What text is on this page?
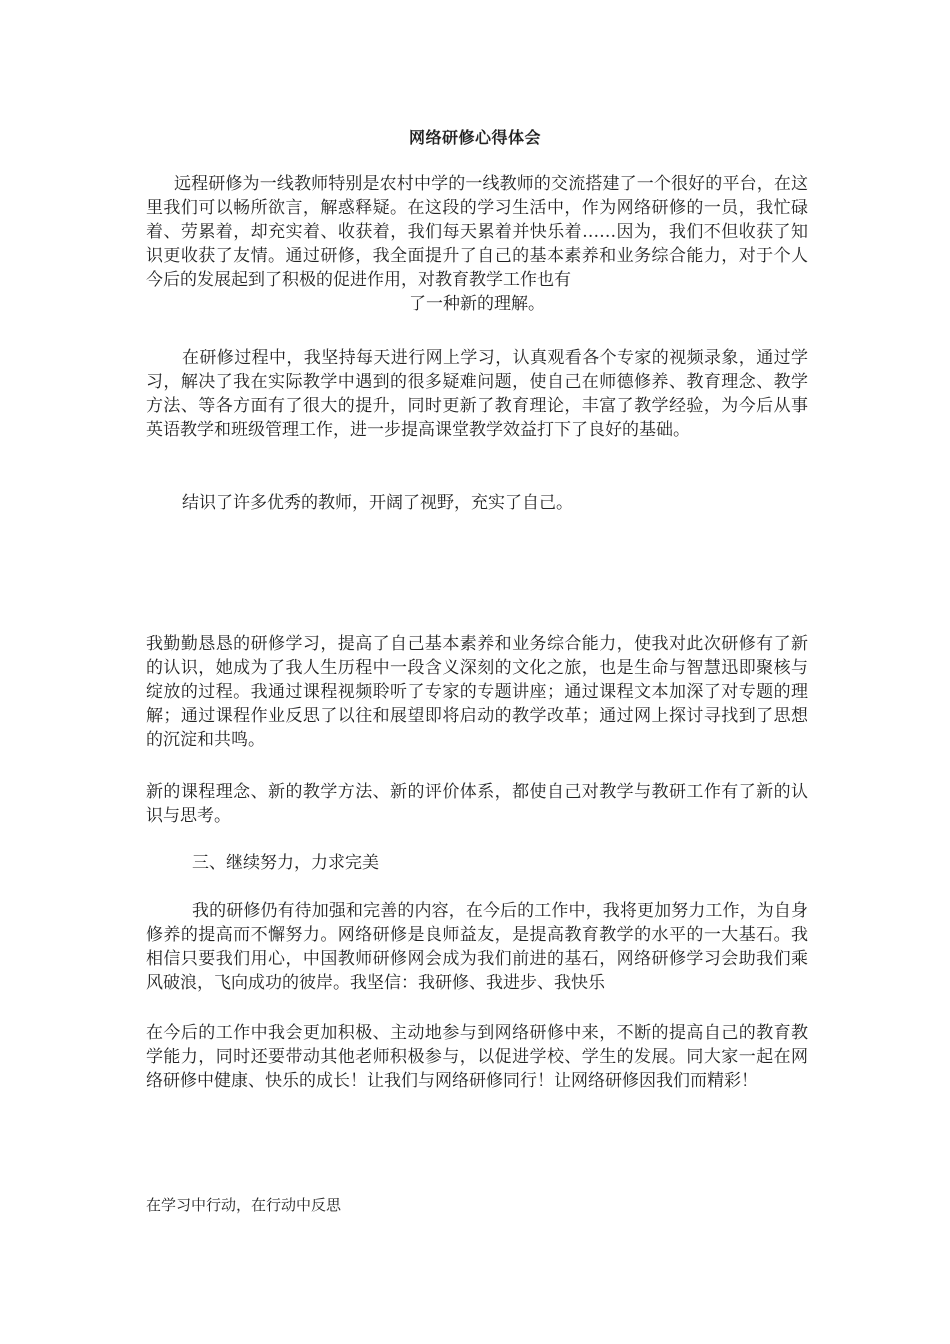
网络研修心得体会

远程研修为一线教师特别是农村中学的一线教师的交流搭建了一个很好的平台，在这里我们可以畅所欲言，解惑释疑。在这段的学习生活中，作为网络研修的一员，我忙碌着、劳累着，却充实着、收获着，我们每天累着并快乐着……因为，我们不但收获了知识更收获了友情。通过研修，我全面提升了自己的基本素养和业务综合能力，对于个人今后的发展起到了积极的促进作用，对教育教学工作也有

了一种新的理解。

在研修过程中，我坚持每天进行网上学习，认真观看各个专家的视频录象，通过学习，解决了我在实际教学中遇到的很多疑难问题，使自己在师德修养、教育理念、教学方法、等各方面有了很大的提升，同时更新了教育理论，丰富了教学经验，为今后从事英语教学和班级管理工作，进一步提高课堂教学效益打下了良好的基础。

结识了许多优秀的教师，开阔了视野，充实了自己。

我勤勤恳恳的研修学习，提高了自己基本素养和业务综合能力，使我对此次研修有了新的认识，她成为了我人生历程中一段含义深刻的文化之旅，也是生命与智慧迅即聚核与绽放的过程。我通过课程视频聆听了专家的专题讲座；通过课程文本加深了对专题的理解；通过课程作业反思了以往和展望即将启动的教学改革；通过网上探讨寻找到了思想的沉淀和共鸣。

新的课程理念、新的教学方法、新的评价体系，都使自己对教学与教研工作有了新的认识与思考。

三、继续努力，力求完美

我的研修仍有待加强和完善的内容，在今后的工作中，我将更加努力工作，为自身修养的提高而不懈努力。网络研修是良师益友，是提高教育教学的水平的一大基石。我相信只要我们用心，中国教师研修网会成为我们前进的基石，网络研修学习会助我们乘风破浪，飞向成功的彼岸。我坚信：我研修、我进步、我快乐

在今后的工作中我会更加积极、主动地参与到网络研修中来，不断的提高自己的教育教学能力，同时还要带动其他老师积极参与，以促进学校、学生的发展。同大家一起在网络研修中健康、快乐的成长！让我们与网络研修同行！让网络研修因我们而精彩！

在学习中行动，在行动中反思
